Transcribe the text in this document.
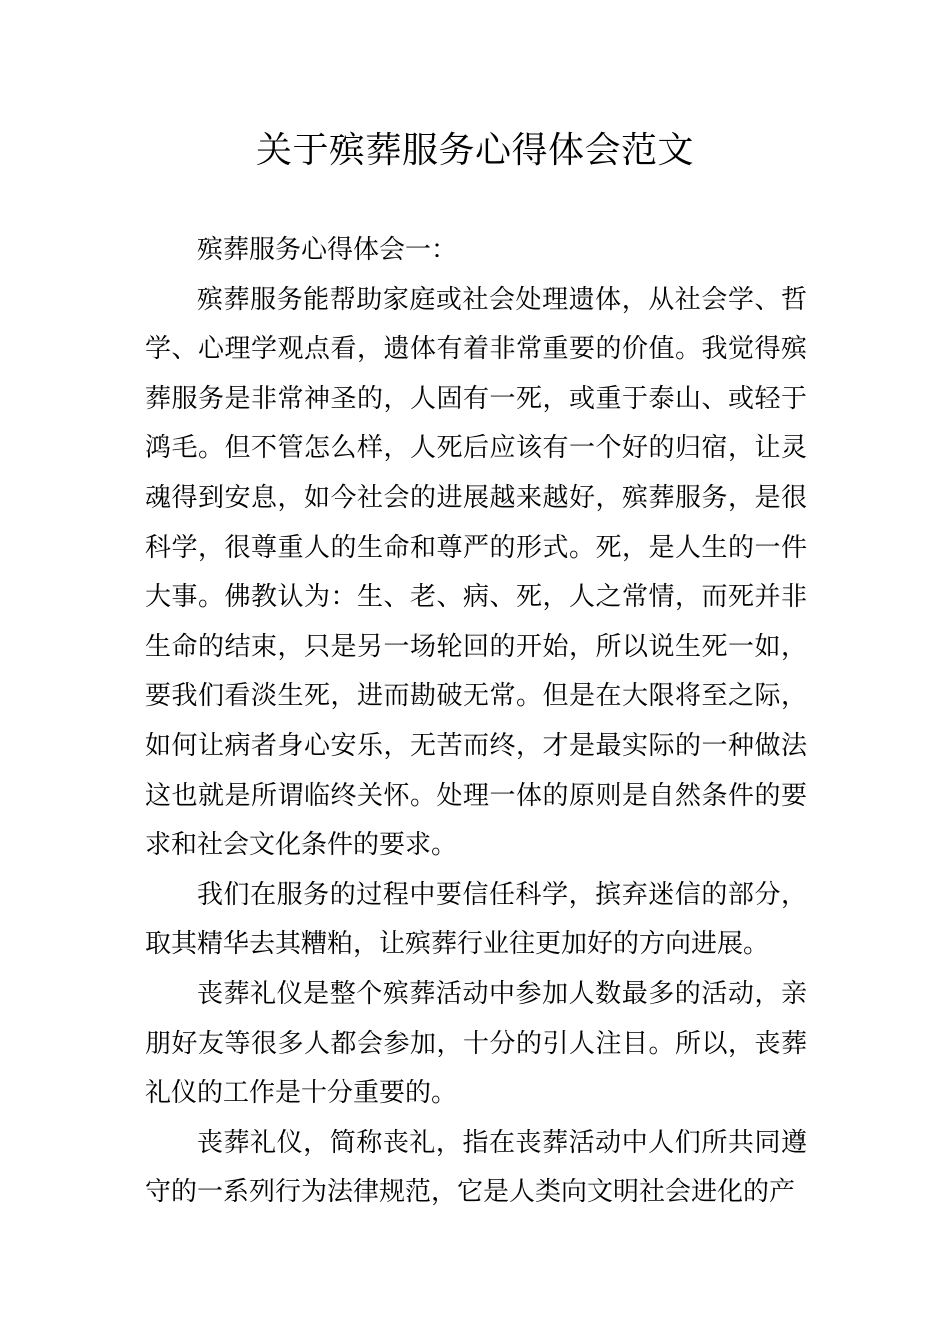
关于殡葬服务心得体会范文

殡葬服务心得体会一：

殡葬服务能帮助家庭或社会处理遗体，从社会学、哲学、心理学观点看，遗体有着非常重要的价值。我觉得殡葬服务是非常神圣的，人固有一死，或重于泰山、或轻于鸿毛。但不管怎么样，人死后应该有一个好的归宿，让灵魂得到安息，如今社会的进展越来越好，殡葬服务，是很科学，很尊重人的生命和尊严的形式。死，是人生的一件大事。佛教认为：生、老、病、死，人之常情，而死并非生命的结束，只是另一场轮回的开始，所以说生死一如，要我们看淡生死，进而勘破无常。但是在大限将至之际，如何让病者身心安乐，无苦而终，才是最实际的一种做法这也就是所谓临终关怀。处理一体的原则是自然条件的要求和社会文化条件的要求。

我们在服务的过程中要信任科学，摈弃迷信的部分，取其精华去其糟粕，让殡葬行业往更加好的方向进展。

丧葬礼仪是整个殡葬活动中参加人数最多的活动，亲朋好友等很多人都会参加，十分的引人注目。所以，丧葬礼仪的工作是十分重要的。

丧葬礼仪，简称丧礼，指在丧葬活动中人们所共同遵守的一系列行为法律规范，它是人类向文明社会进化的产
